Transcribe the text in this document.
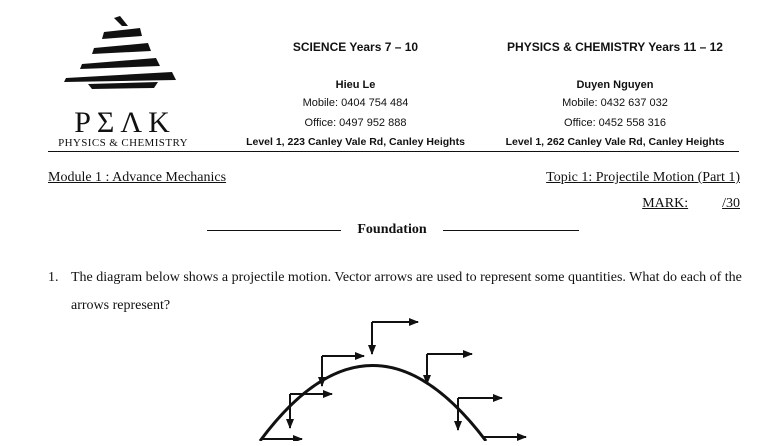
PΣΛΚ
PHYSICS & CHEMISTRY
SCIENCE Years 7 – 10
Hieu Le
Mobile: 0404 754 484
Office: 0497 952 888
Level 1, 223 Canley Vale Rd, Canley Heights
PHYSICS & CHEMISTRY Years 11 – 12
Duyen Nguyen
Mobile: 0432 637 032
Office: 0452 558 316
Level 1, 262 Canley Vale Rd, Canley Heights
Module 1 : Advance Mechanics	Topic 1: Projectile Motion (Part 1)
MARK: /30
Foundation
1. The diagram below shows a projectile motion. Vector arrows are used to represent some quantities. What do each of the arrows represent?
